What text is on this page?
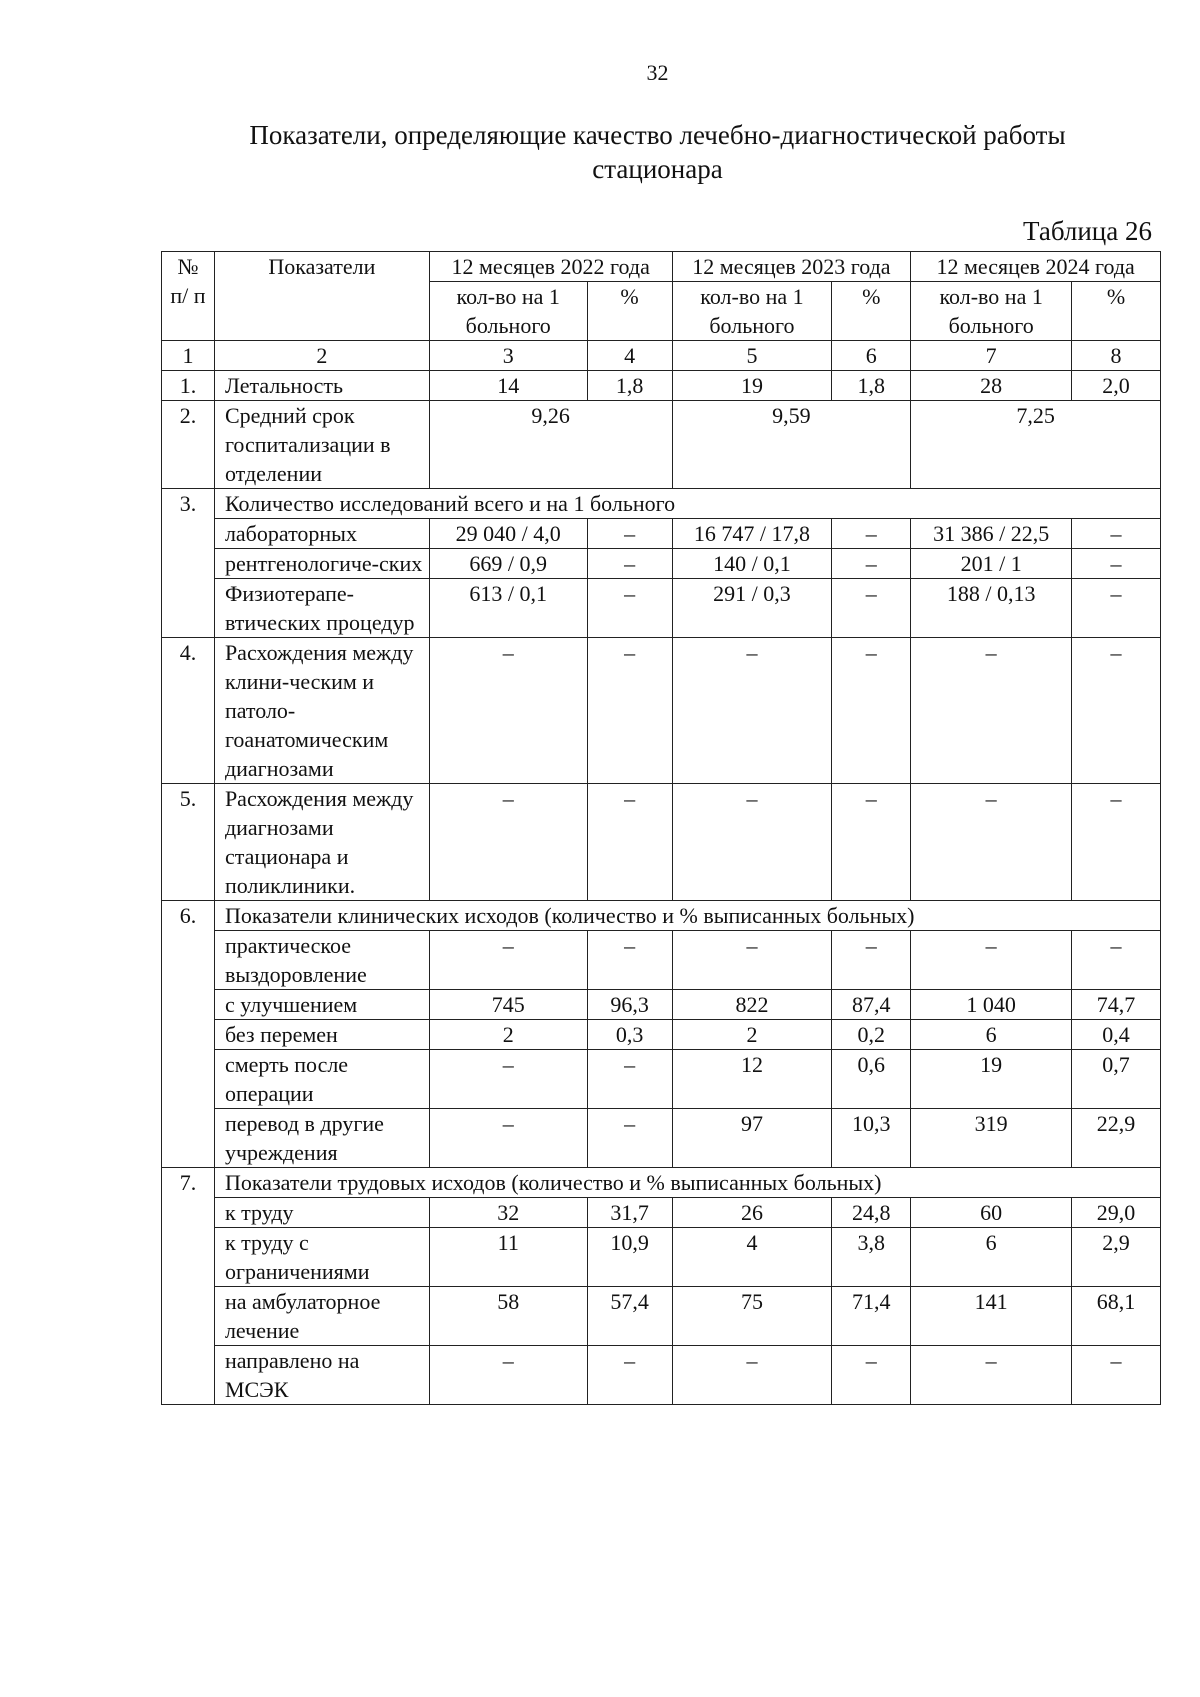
32
Показатели, определяющие качество лечебно-диагностической работы
стационара
Таблица 26
№ п/ п	Показатели	12 месяцев 2022 года		12 месяцев 2023 года		12 месяцев 2024 года	
		кол-во на 1 больного	%	кол-во на 1 больного	%	кол-во на 1 больного	%
1	2	3	4	5	6	7	8
1.	Летальность	14	1,8	19	1,8	28	2,0
2.	Средний срок госпитализации в отделении	9,26		9,59		7,25	
3.	Количество исследований всего и на 1 больного						
	лабораторных	29 040 / 4,0	–	16 747 / 17,8	–	31 386 / 22,5	–
	рентгенологиче-ских	669 / 0,9	–	140 / 0,1	–	201 / 1	–
	Физиотерапе-втических процедур	613 / 0,1	–	291 / 0,3	–	188 / 0,13	–
4.	Расхождения между клини-ческим и патоло-гоанатомическим диагнозами	–	–	–	–	–	–
5.	Расхождения между диагнозами стационара и поликлиники.	–	–	–	–	–	–
6.	Показатели клинических исходов (количество и % выписанных больных)						
	практическое выздоровление	–	–	–	–	–	–
	с улучшением	745	96,3	822	87,4	1 040	74,7
	без перемен	2	0,3	2	0,2	6	0,4
	смерть после операции	–	–	12	0,6	19	0,7
	перевод в другие учреждения	–	–	97	10,3	319	22,9
7.	Показатели трудовых исходов (количество и % выписанных больных)						
	к труду	32	31,7	26	24,8	60	29,0
	к труду с ограничениями	11	10,9	4	3,8	6	2,9
	на амбулаторное лечение	58	57,4	75	71,4	141	68,1
	направлено на МСЭК	–	–	–	–	–	–
